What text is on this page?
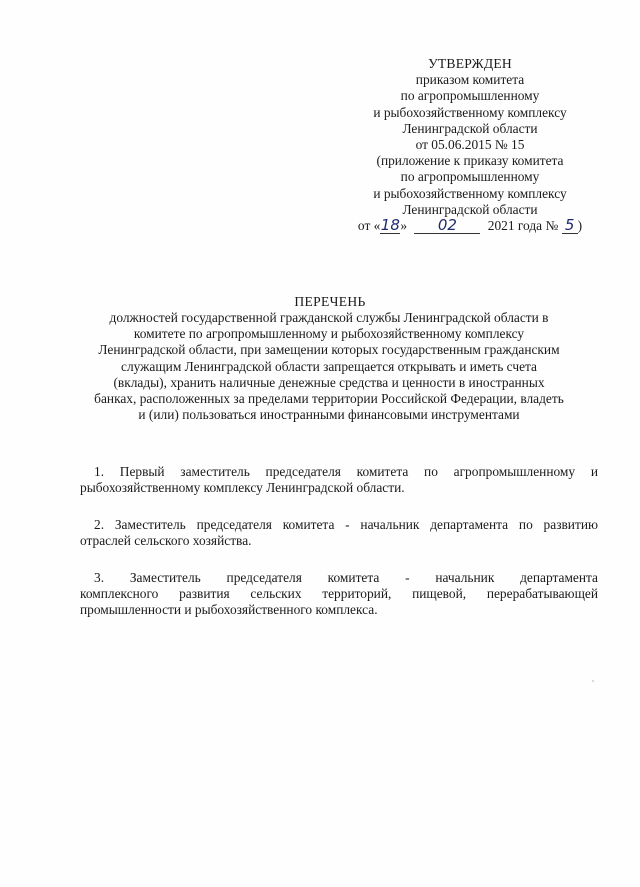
УТВЕРЖДЕН
приказом комитета
по агропромышленному
и рыбохозяйственному комплексу
Ленинградской области
от 05.06.2015 № 15
(приложение к приказу комитета
по агропромышленному
и рыбохозяйственному комплексу
Ленинградской области
от «18» 02 2021 года № 5 )
ПЕРЕЧЕНЬ
должностей государственной гражданской службы Ленинградской области в
комитете по агропромышленному и рыбохозяйственному комплексу
Ленинградской области, при замещении которых государственным гражданским
служащим Ленинградской области запрещается открывать и иметь счета
(вклады), хранить наличные денежные средства и ценности в иностранных
банках, расположенных за пределами территории Российской Федерации, владеть
и (или) пользоваться иностранными финансовыми инструментами
1. Первый заместитель председателя комитета по агропромышленному и
рыбохозяйственному комплексу Ленинградской области.
2. Заместитель председателя комитета - начальник департамента по развитию
отраслей сельского хозяйства.
3. Заместитель председателя комитета - начальник департамента
комплексного развития сельских территорий, пищевой, перерабатывающей
промышленности и рыбохозяйственного комплекса.
